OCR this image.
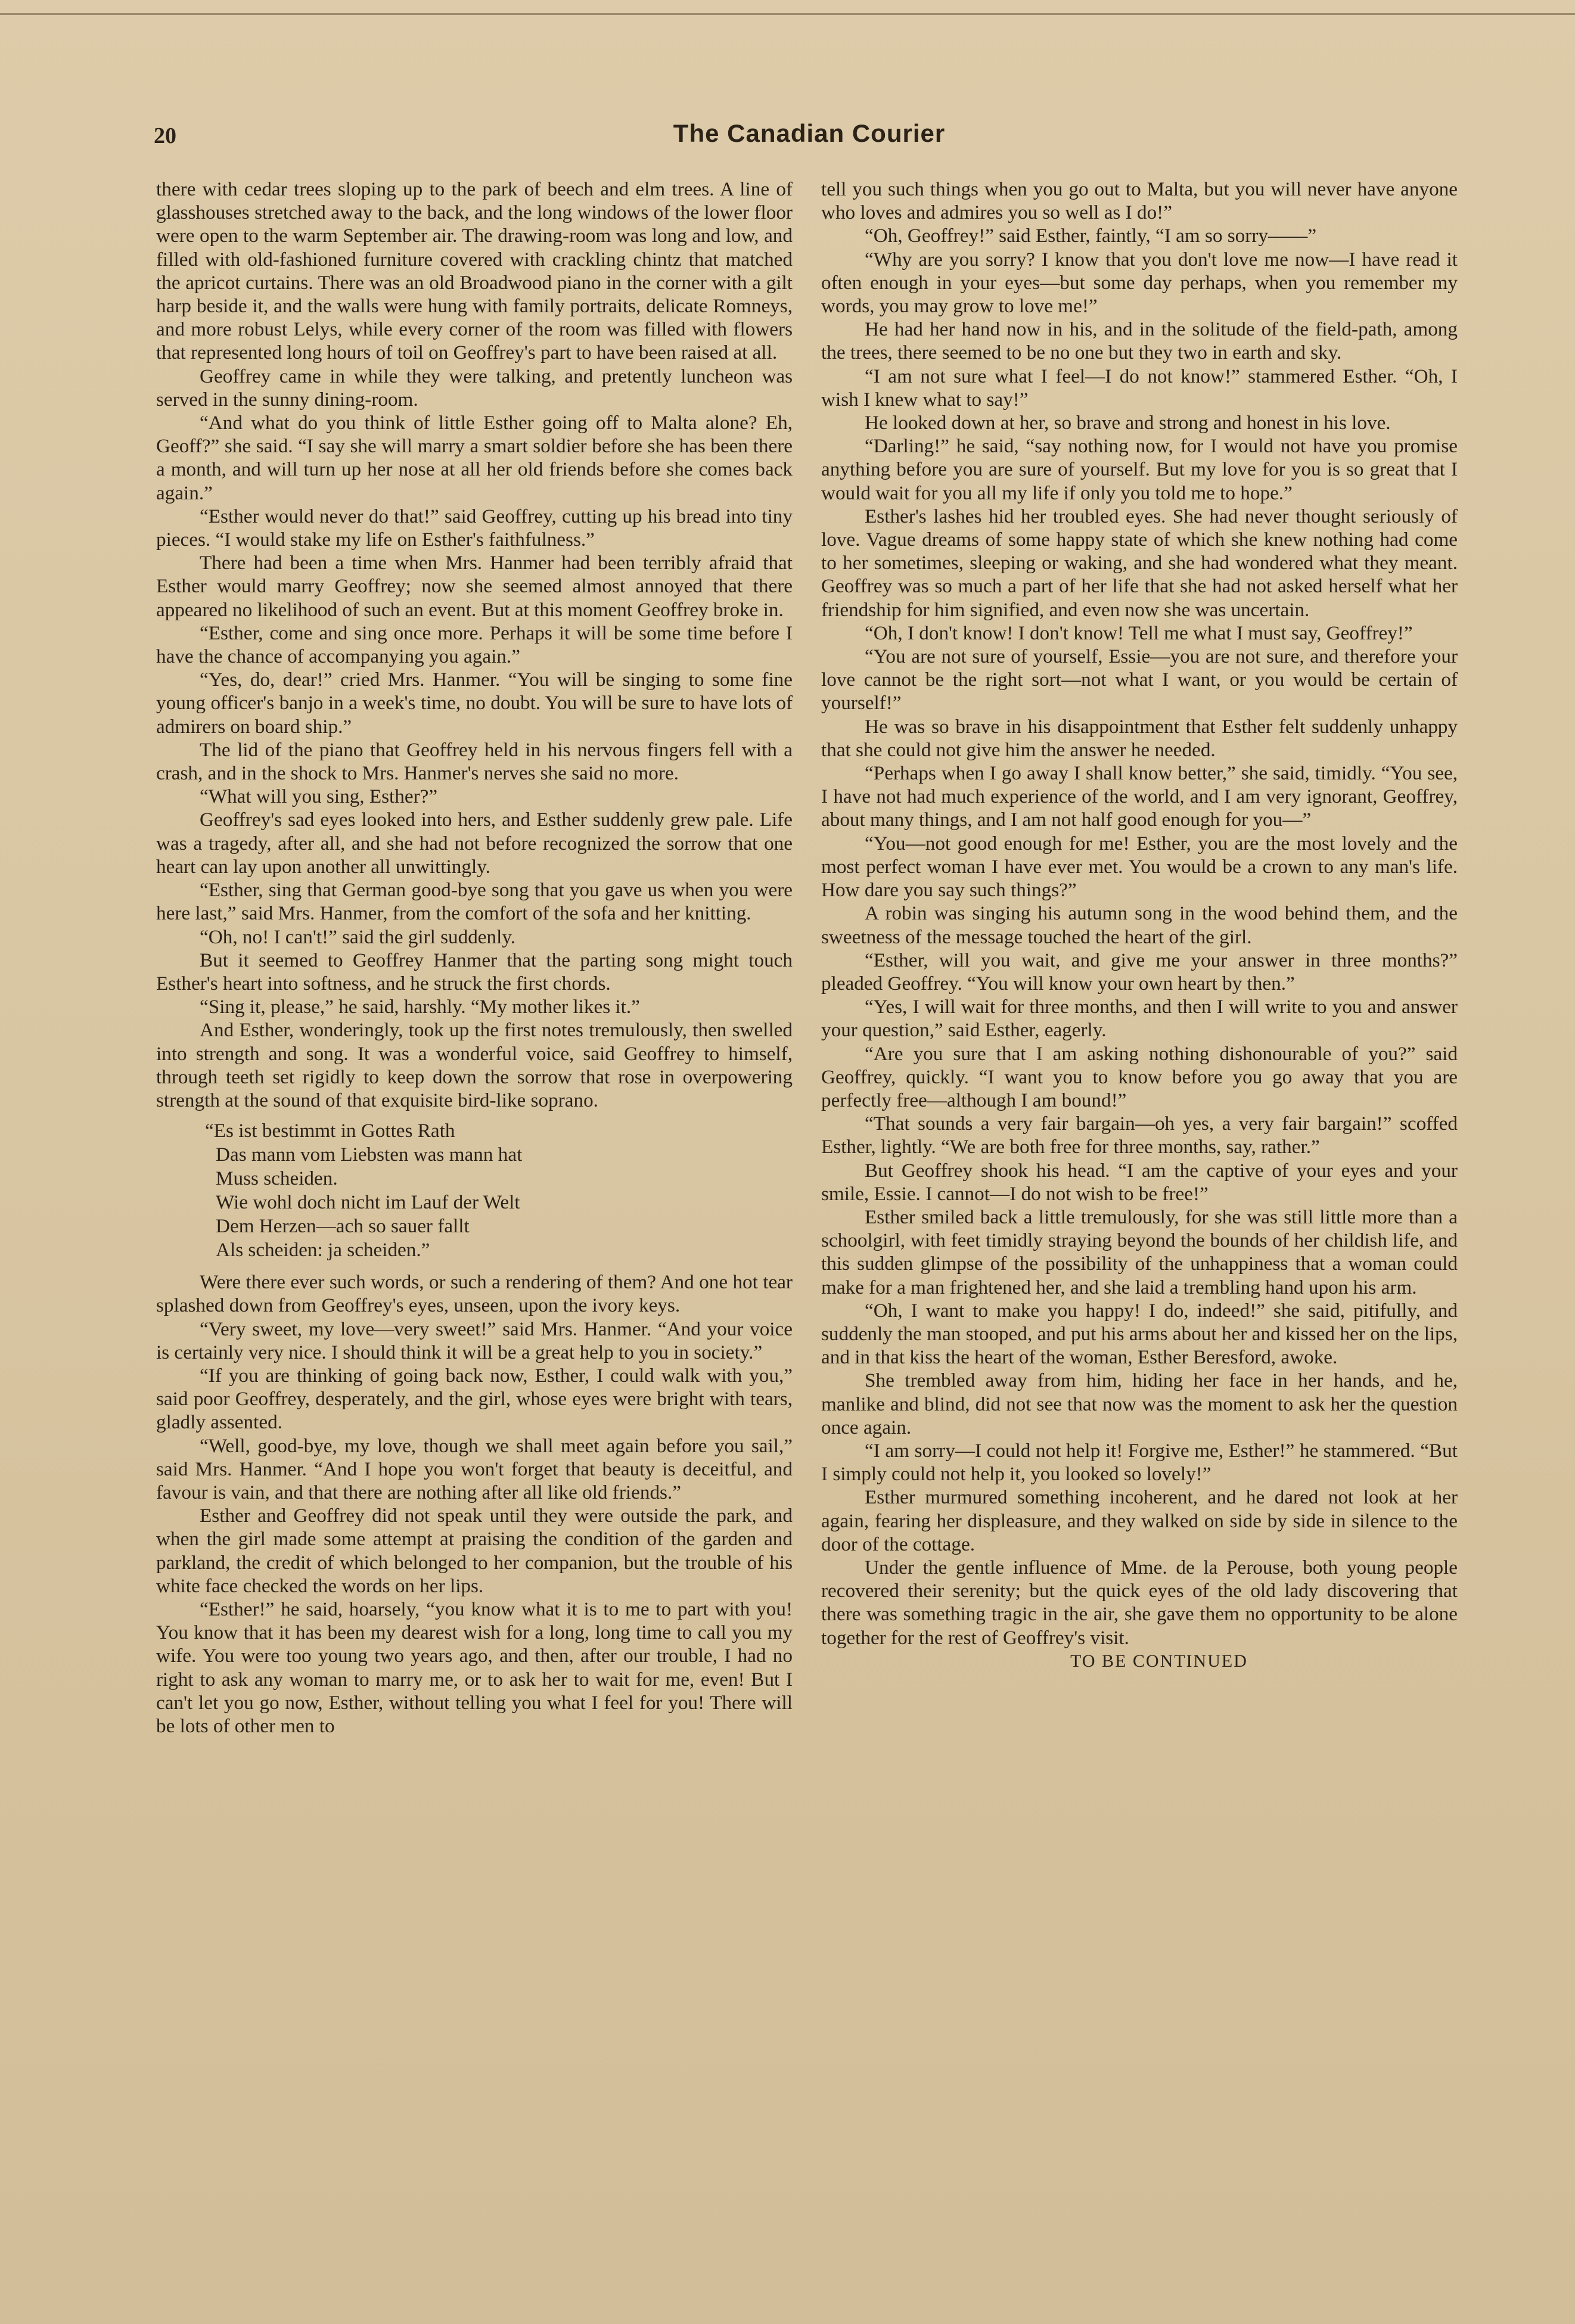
20	The Canadian Courier

there with cedar trees sloping up to the park of beech and elm trees. A line of glasshouses stretched away to the back, and the long windows of the lower floor were open to the warm September air. The drawing-room was long and low, and filled with old-fashioned furniture covered with crackling chintz that matched the apricot curtains. There was an old Broadwood piano in the corner with a gilt harp beside it, and the walls were hung with family portraits, delicate Romneys, and more robust Lelys, while every corner of the room was filled with flowers that represented long hours of toil on Geoffrey's part to have been raised at all.

Geoffrey came in while they were talking, and pretently luncheon was served in the sunny dining-room.

“And what do you think of little Esther going off to Malta alone? Eh, Geoff?” she said. “I say she will marry a smart soldier before she has been there a month, and will turn up her nose at all her old friends before she comes back again.”

“Esther would never do that!” said Geoffrey, cutting up his bread into tiny pieces. “I would stake my life on Esther's faithfulness.”

There had been a time when Mrs. Hanmer had been terribly afraid that Esther would marry Geoffrey; now she seemed almost annoyed that there appeared no likelihood of such an event. But at this moment Geoffrey broke in.

“Esther, come and sing once more. Perhaps it will be some time before I have the chance of accompanying you again.”

“Yes, do, dear!” cried Mrs. Hanmer. “You will be singing to some fine young officer's banjo in a week's time, no doubt. You will be sure to have lots of admirers on board ship.”

The lid of the piano that Geoffrey held in his nervous fingers fell with a crash, and in the shock to Mrs. Hanmer's nerves she said no more.

“What will you sing, Esther?”

Geoffrey's sad eyes looked into hers, and Esther suddenly grew pale. Life was a tragedy, after all, and she had not before recognized the sorrow that one heart can lay upon another all unwittingly.

“Esther, sing that German good-bye song that you gave us when you were here last,” said Mrs. Hanmer, from the comfort of the sofa and her knitting.

“Oh, no! I can't!” said the girl suddenly.

But it seemed to Geoffrey Hanmer that the parting song might touch Esther's heart into softness, and he struck the first chords.

“Sing it, please,” he said, harshly. “My mother likes it.”

And Esther, wonderingly, took up the first notes tremulously, then swelled into strength and song. It was a wonderful voice, said Geoffrey to himself, through teeth set rigidly to keep down the sorrow that rose in overpowering strength at the sound of that exquisite bird-like soprano.

“Es ist bestimmt in Gottes Rath
Das mann vom Liebsten was mann hat
Muss scheiden.
Wie wohl doch nicht im Lauf der Welt
Dem Herzen—ach so sauer fallt
Als scheiden: ja scheiden.”

Were there ever such words, or such a rendering of them? And one hot tear splashed down from Geoffrey's eyes, unseen, upon the ivory keys.

“Very sweet, my love—very sweet!” said Mrs. Hanmer. “And your voice is certainly very nice. I should think it will be a great help to you in society.”

“If you are thinking of going back now, Esther, I could walk with you,” said poor Geoffrey, desperately, and the girl, whose eyes were bright with tears, gladly assented.

“Well, good-bye, my love, though we shall meet again before you sail,” said Mrs. Hanmer. “And I hope you won't forget that beauty is deceitful, and favour is vain, and that there are nothing after all like old friends.”

Esther and Geoffrey did not speak until they were outside the park, and when the girl made some attempt at praising the condition of the garden and parkland, the credit of which belonged to her companion, but the trouble of his white face checked the words on her lips.

“Esther!” he said, hoarsely, “you know what it is to me to part with you! You know that it has been my dearest wish for a long, long time to call you my wife. You were too young two years ago, and then, after our trouble, I had no right to ask any woman to marry me, or to ask her to wait for me, even! But I can't let you go now, Esther, without telling you what I feel for you! There will be lots of other men to

tell you such things when you go out to Malta, but you will never have anyone who loves and admires you so well as I do!”

“Oh, Geoffrey!” said Esther, faintly, “I am so sorry——”

“Why are you sorry? I know that you don't love me now—I have read it often enough in your eyes—but some day perhaps, when you remember my words, you may grow to love me!”

He had her hand now in his, and in the solitude of the field-path, among the trees, there seemed to be no one but they two in earth and sky.

“I am not sure what I feel—I do not know!” stammered Esther. “Oh, I wish I knew what to say!”

He looked down at her, so brave and strong and honest in his love.

“Darling!” he said, “say nothing now, for I would not have you promise anything before you are sure of yourself. But my love for you is so great that I would wait for you all my life if only you told me to hope.”

Esther's lashes hid her troubled eyes. She had never thought seriously of love. Vague dreams of some happy state of which she knew nothing had come to her sometimes, sleeping or waking, and she had wondered what they meant. Geoffrey was so much a part of her life that she had not asked herself what her friendship for him signified, and even now she was uncertain.

“Oh, I don't know! I don't know! Tell me what I must say, Geoffrey!”

“You are not sure of yourself, Essie—you are not sure, and therefore your love cannot be the right sort—not what I want, or you would be certain of yourself!”

He was so brave in his disappointment that Esther felt suddenly unhappy that she could not give him the answer he needed.

“Perhaps when I go away I shall know better,” she said, timidly. “You see, I have not had much experience of the world, and I am very ignorant, Geoffrey, about many things, and I am not half good enough for you—”

“You—not good enough for me! Esther, you are the most lovely and the most perfect woman I have ever met. You would be a crown to any man's life. How dare you say such things?”

A robin was singing his autumn song in the wood behind them, and the sweetness of the message touched the heart of the girl.

“Esther, will you wait, and give me your answer in three months?” pleaded Geoffrey. “You will know your own heart by then.”

“Yes, I will wait for three months, and then I will write to you and answer your question,” said Esther, eagerly.

“Are you sure that I am asking nothing dishonourable of you?” said Geoffrey, quickly. “I want you to know before you go away that you are perfectly free—although I am bound!”

“That sounds a very fair bargain—oh yes, a very fair bargain!” scoffed Esther, lightly. “We are both free for three months, say, rather.”

But Geoffrey shook his head. “I am the captive of your eyes and your smile, Essie. I cannot—I do not wish to be free!”

Esther smiled back a little tremulously, for she was still little more than a schoolgirl, with feet timidly straying beyond the bounds of her childish life, and this sudden glimpse of the possibility of the unhappiness that a woman could make for a man frightened her, and she laid a trembling hand upon his arm.

“Oh, I want to make you happy! I do, indeed!” she said, pitifully, and suddenly the man stooped, and put his arms about her and kissed her on the lips, and in that kiss the heart of the woman, Esther Beresford, awoke.

She trembled away from him, hiding her face in her hands, and he, manlike and blind, did not see that now was the moment to ask her the question once again.

“I am sorry—I could not help it! Forgive me, Esther!” he stammered. “But I simply could not help it, you looked so lovely!”

Esther murmured something incoherent, and he dared not look at her again, fearing her displeasure, and they walked on side by side in silence to the door of the cottage.

Under the gentle influence of Mme. de la Perouse, both young people recovered their serenity; but the quick eyes of the old lady discovering that there was something tragic in the air, she gave them no opportunity to be alone together for the rest of Geoffrey's visit.

TO BE CONTINUED
